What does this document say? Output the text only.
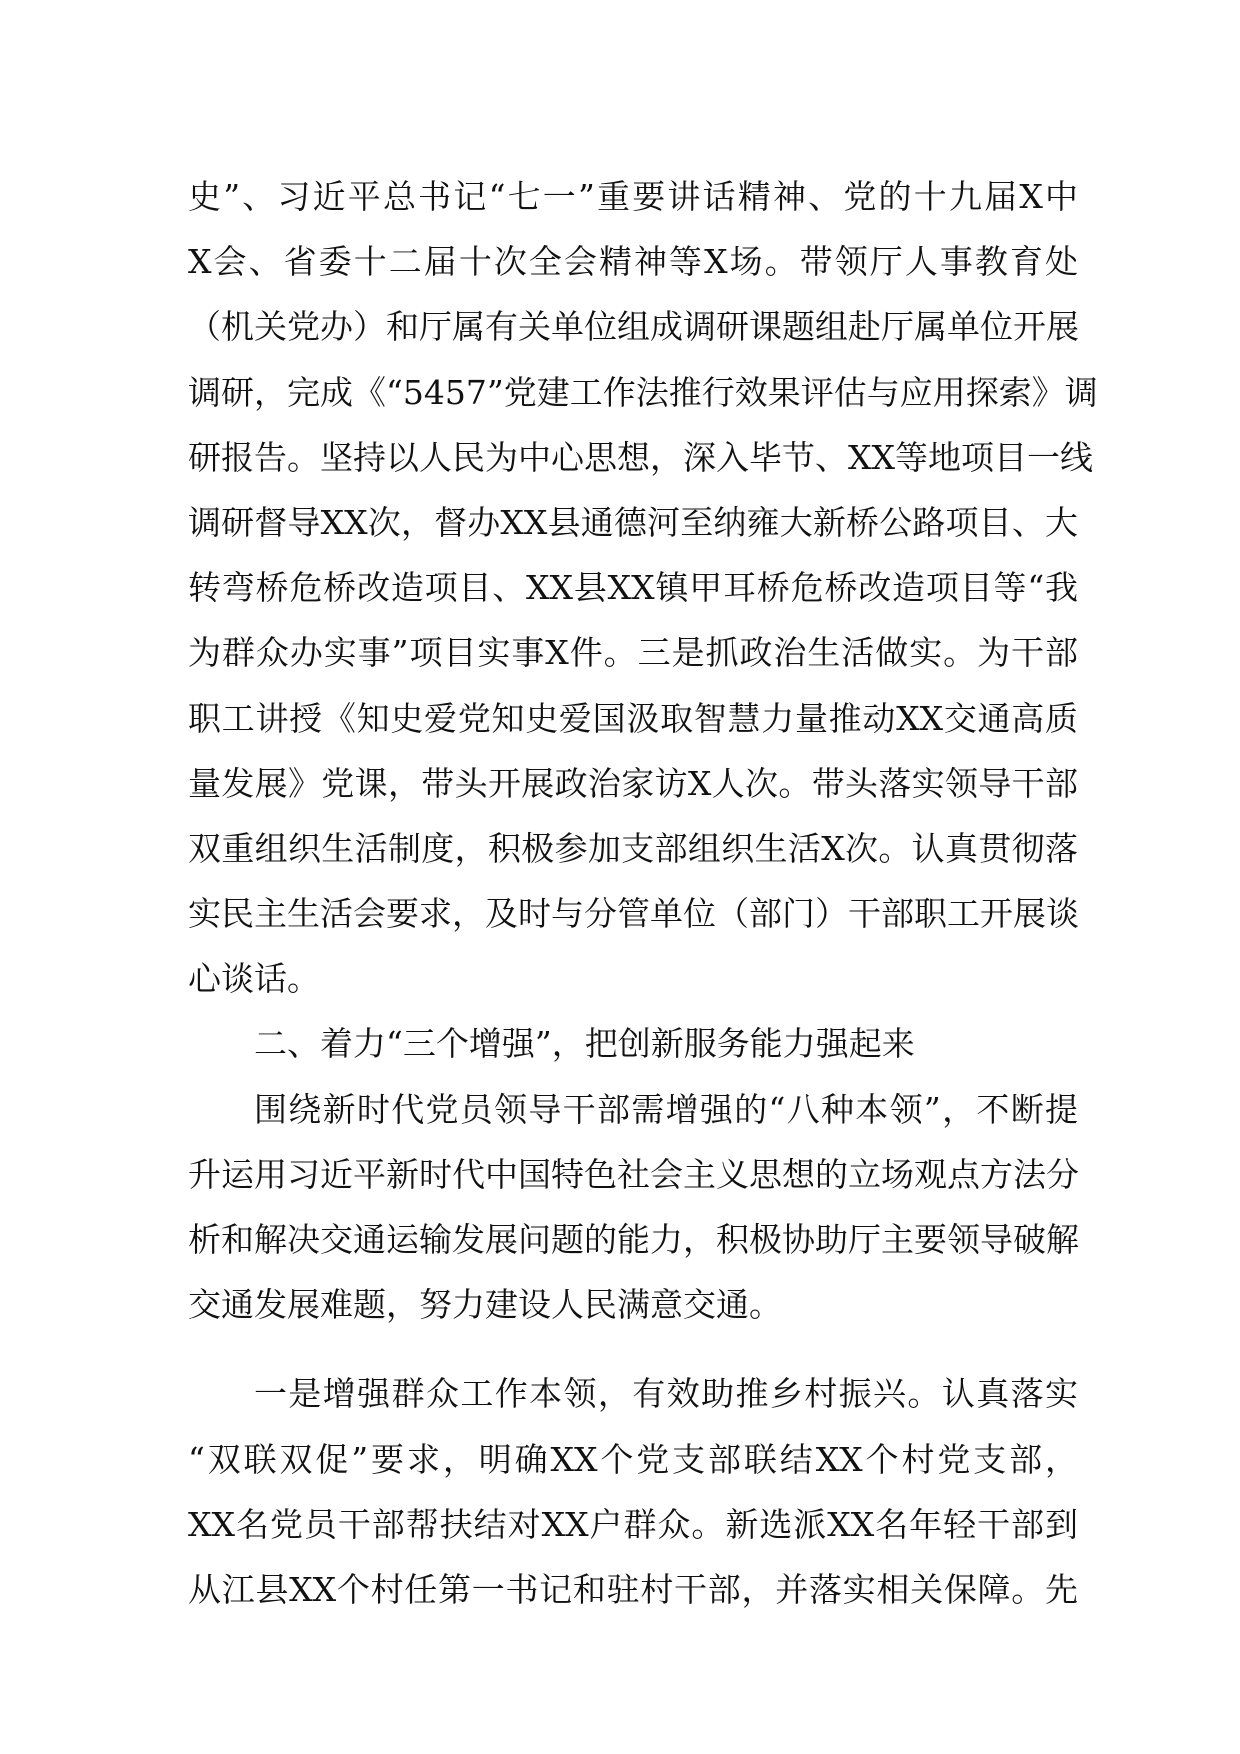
史”、习近平总书记“七一”重要讲话精神、党的十九届X中
X会、省委十二届十次全会精神等X场。带领厅人事教育处
（机关党办）和厅属有关单位组成调研课题组赴厅属单位开展
调研，完成《“5457”党建工作法推行效果评估与应用探索》调
研报告。坚持以人民为中心思想，深入毕节、XX等地项目一线
调研督导XX次，督办XX县通德河至纳雍大新桥公路项目、大
转弯桥危桥改造项目、XX县XX镇甲耳桥危桥改造项目等“我
为群众办实事”项目实事X件。三是抓政治生活做实。为干部
职工讲授《知史爱党知史爱国汲取智慧力量推动XX交通高质
量发展》党课，带头开展政治家访X人次。带头落实领导干部
双重组织生活制度，积极参加支部组织生活X次。认真贯彻落
实民主生活会要求，及时与分管单位（部门）干部职工开展谈
心谈话。
二、着力“三个增强”，把创新服务能力强起来
围绕新时代党员领导干部需增强的“八种本领”，不断提
升运用习近平新时代中国特色社会主义思想的立场观点方法分
析和解决交通运输发展问题的能力，积极协助厅主要领导破解
交通发展难题，努力建设人民满意交通。
一是增强群众工作本领，有效助推乡村振兴。认真落实
“双联双促”要求，明确XX个党支部联结XX个村党支部，
XX名党员干部帮扶结对XX户群众。新选派XX名年轻干部到
从江县XX个村任第一书记和驻村干部，并落实相关保障。先
